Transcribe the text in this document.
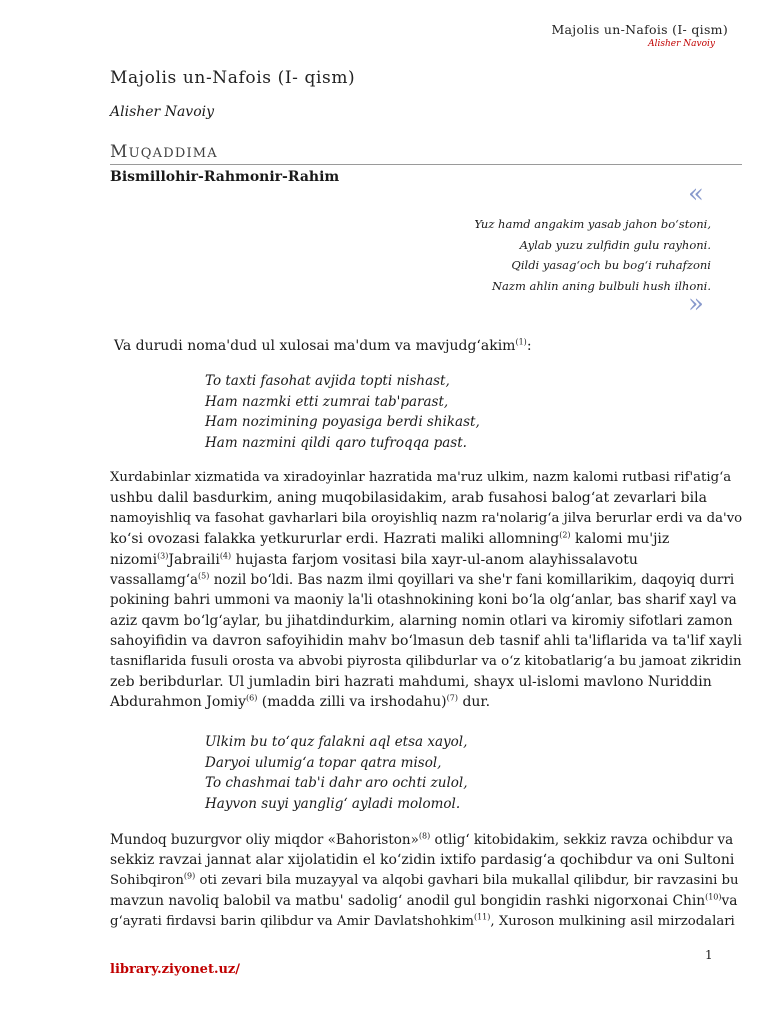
Majolis un-Nafois (I- qism)
Alisher Navoiy
Majolis un-Nafois (I- qism)
Alisher Navoiy
MUQADDIMA
Bismillohir-Rahmonir-Rahim
«
Yuz hamd angakim yasab jahon bo‘stoni,
Aylab yuzu zulfidin gulu rayhoni.
Qildi yasag‘och bu bog‘i ruhafzoni
Nazm ahlin aning bulbuli hush ilhoni.
»
Va durudi noma'dud ul xulosai ma'dum va mavjudg‘akim$^{(1)}$:
To taxti fasohat avjida topti nishast,
Ham nazmki etti zumrai tab'parast,
Ham nozimining poyasiga berdi shikast,
Ham nazmini qildi qaro tufroqqa past.
Xurdabinlar xizmatida va xiradoyinlar hazratida ma'ruz ulkim, nazm kalomi rutbasi rif'atig‘a
ushbu dalil basdurkim, aning muqobilasidakim, arab fusahosi balog‘at zevarlari bila
namoyishliq va fasohat gavharlari bila oroyishliq nazm ra'nolarig‘a jilva berurlar erdi va da'vo
ko‘si ovozasi falakka yetkururlar erdi. Hazrati maliki allomning$^{(2)}$ kalomi mu'jiz
nizomi$^{(3)}$Jabraili$^{(4)}$ hujasta farjom vositasi bila xayr-ul-anom alayhissalavotu
$vassallamg‘a^{(5)}$ nozil bo‘ldi. Bas nazm ilmi qoyillari va she'r fani komillarikim, daqoyiq durri
pokining bahri ummoni va maoniy la'li otashnokining koni bo‘la olg‘anlar, bas sharif xayl va
aziz qavm bo‘lg‘aylar, bu jihatdindurkim, alarning nomin otlari va kiromiy sifotlari zamon
sahoyifidin va davron safoyihidin mahv bo‘lmasun deb tasnif ahli ta'liflarida va ta'lif xayli
tasniflarida fusuli orosta va abvobi piyrosta qilibdurlar va o‘z kitobatlarig‘a bu jamoat zikridin
zeb beribdurlar. Ul jumladin biri hazrati mahdumi, shayx ul-islomi mavlono Nuriddin
Abdurahmon Jomiy$^{(6)}$ (madda zilli va irshodahu)$^{(7)}$ dur.
Ulkim bu to‘quz falakni aql etsa xayol,
Daryoi ulumig‘a topar qatra misol,
To chashmai tab'i dahr aro ochti zulol,
Hayvon suyi yanglig‘ ayladi molomol.
Mundoq buzurgvor oliy miqdor «Bahoriston»$^{(8)}$ otlig‘ kitobidakim, sekkiz ravza ochibdur va
sekkiz ravzai jannat alar xijolatidin el ko‘zidin ixtifo pardasig‘a qochibdur va oni Sultoni
Sohibqiron$^{(9)}$ oti zevari bila muzayyal va alqobi gavhari bila mukallal qilibdur, bir ravzasini bu
mavzun navoliq balobil va matbu' sadolig‘ anodil gul bongidin rashki nigorxonai Chin$^{(10)}$va
g‘ayrati firdavsi barin qilibdur va Amir Davlatshohkim$^{(11)}$, Xuroson mulkining asil mirzodalari
1
library.ziyonet.uz/
